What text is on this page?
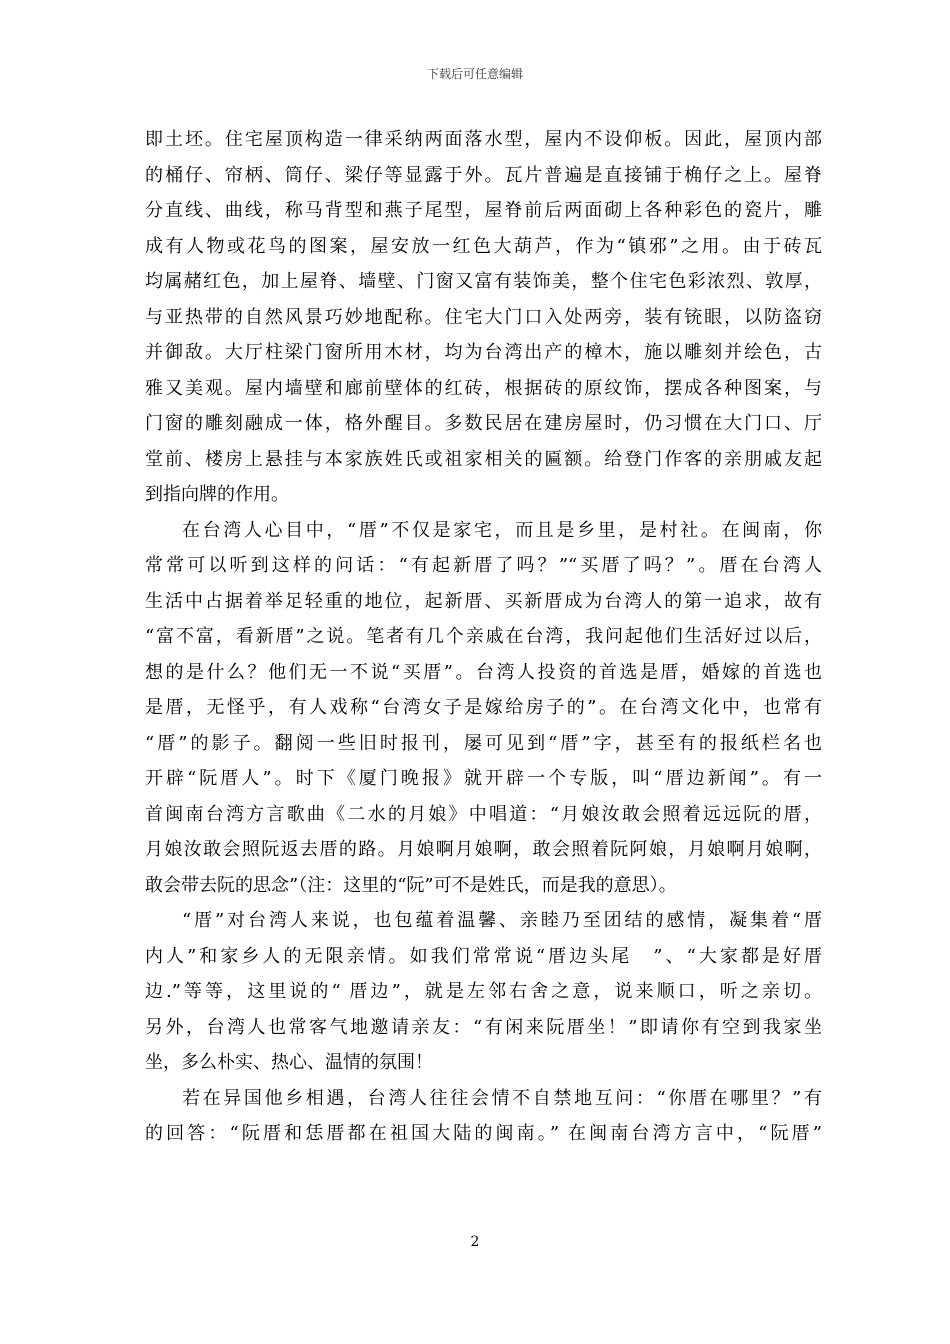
下载后可任意编辑
即土坯。住宅屋顶构造一律采纳两面落水型，屋内不设仰板。因此，屋顶内部
的桶仔、帘柄、筒仔、梁仔等显露于外。瓦片普遍是直接铺于桷仔之上。屋脊
分直线、曲线，称马背型和燕子尾型，屋脊前后两面砌上各种彩色的瓷片，雕
成有人物或花鸟的图案，屋安放一红色大葫芦，作为“镇邪”之用。由于砖瓦
均属赭红色，加上屋脊、墙壁、门窗又富有装饰美，整个住宅色彩浓烈、敦厚，
与亚热带的自然风景巧妙地配称。住宅大门口入处两旁，装有铳眼，以防盗窃
并御敌。大厅柱梁门窗所用木材，均为台湾出产的樟木，施以雕刻并绘色，古
雅又美观。屋内墙壁和廊前壁体的红砖，根据砖的原纹饰，摆成各种图案，与
门窗的雕刻融成一体，格外醒目。多数民居在建房屋时，仍习惯在大门口、厅
堂前、楼房上悬挂与本家族姓氏或祖家相关的匾额。给登门作客的亲朋戚友起
到指向牌的作用。
在台湾人心目中，“厝”不仅是家宅，而且是乡里，是村社。在闽南，你
常常可以听到这样的问话：“有起新厝了吗？”“买厝了吗？”。厝在台湾人
生活中占据着举足轻重的地位，起新厝、买新厝成为台湾人的第一追求，故有
“富不富，看新厝”之说。笔者有几个亲戚在台湾，我问起他们生活好过以后，
想的是什么？他们无一不说“买厝”。台湾人投资的首选是厝，婚嫁的首选也
是厝，无怪乎，有人戏称“台湾女子是嫁给房子的”。在台湾文化中，也常有
“厝”的影子。翻阅一些旧时报刊，屡可见到“厝”字，甚至有的报纸栏名也
开辟“阮厝人”。时下《厦门晚报》就开辟一个专版，叫“厝边新闻”。有一
首闽南台湾方言歌曲《二水的月娘》中唱道：“月娘汝敢会照着远远阮的厝，
月娘汝敢会照阮返去厝的路。月娘啊月娘啊，敢会照着阮阿娘，月娘啊月娘啊，
敢会带去阮的思念”（注：这里的“阮”可不是姓氏，而是我的意思）。
“厝”对台湾人来说，也包蕴着温馨、亲睦乃至团结的感情，凝集着“厝
内人”和家乡人的无限亲情。如我们常常说“厝边头尾　”、“大家都是好厝
边.”等等，这里说的“ 厝边”，就是左邻右舍之意，说来顺口，听之亲切。
另外，台湾人也常客气地邀请亲友：“有闲来阮厝坐！”即请你有空到我家坐
坐，多么朴实、热心、温情的氛围！
若在异国他乡相遇，台湾人往往会情不自禁地互问：“你厝在哪里？”有
的回答：“阮厝和恁厝都在祖国大陆的闽南。” 在闽南台湾方言中，“阮厝”
2
